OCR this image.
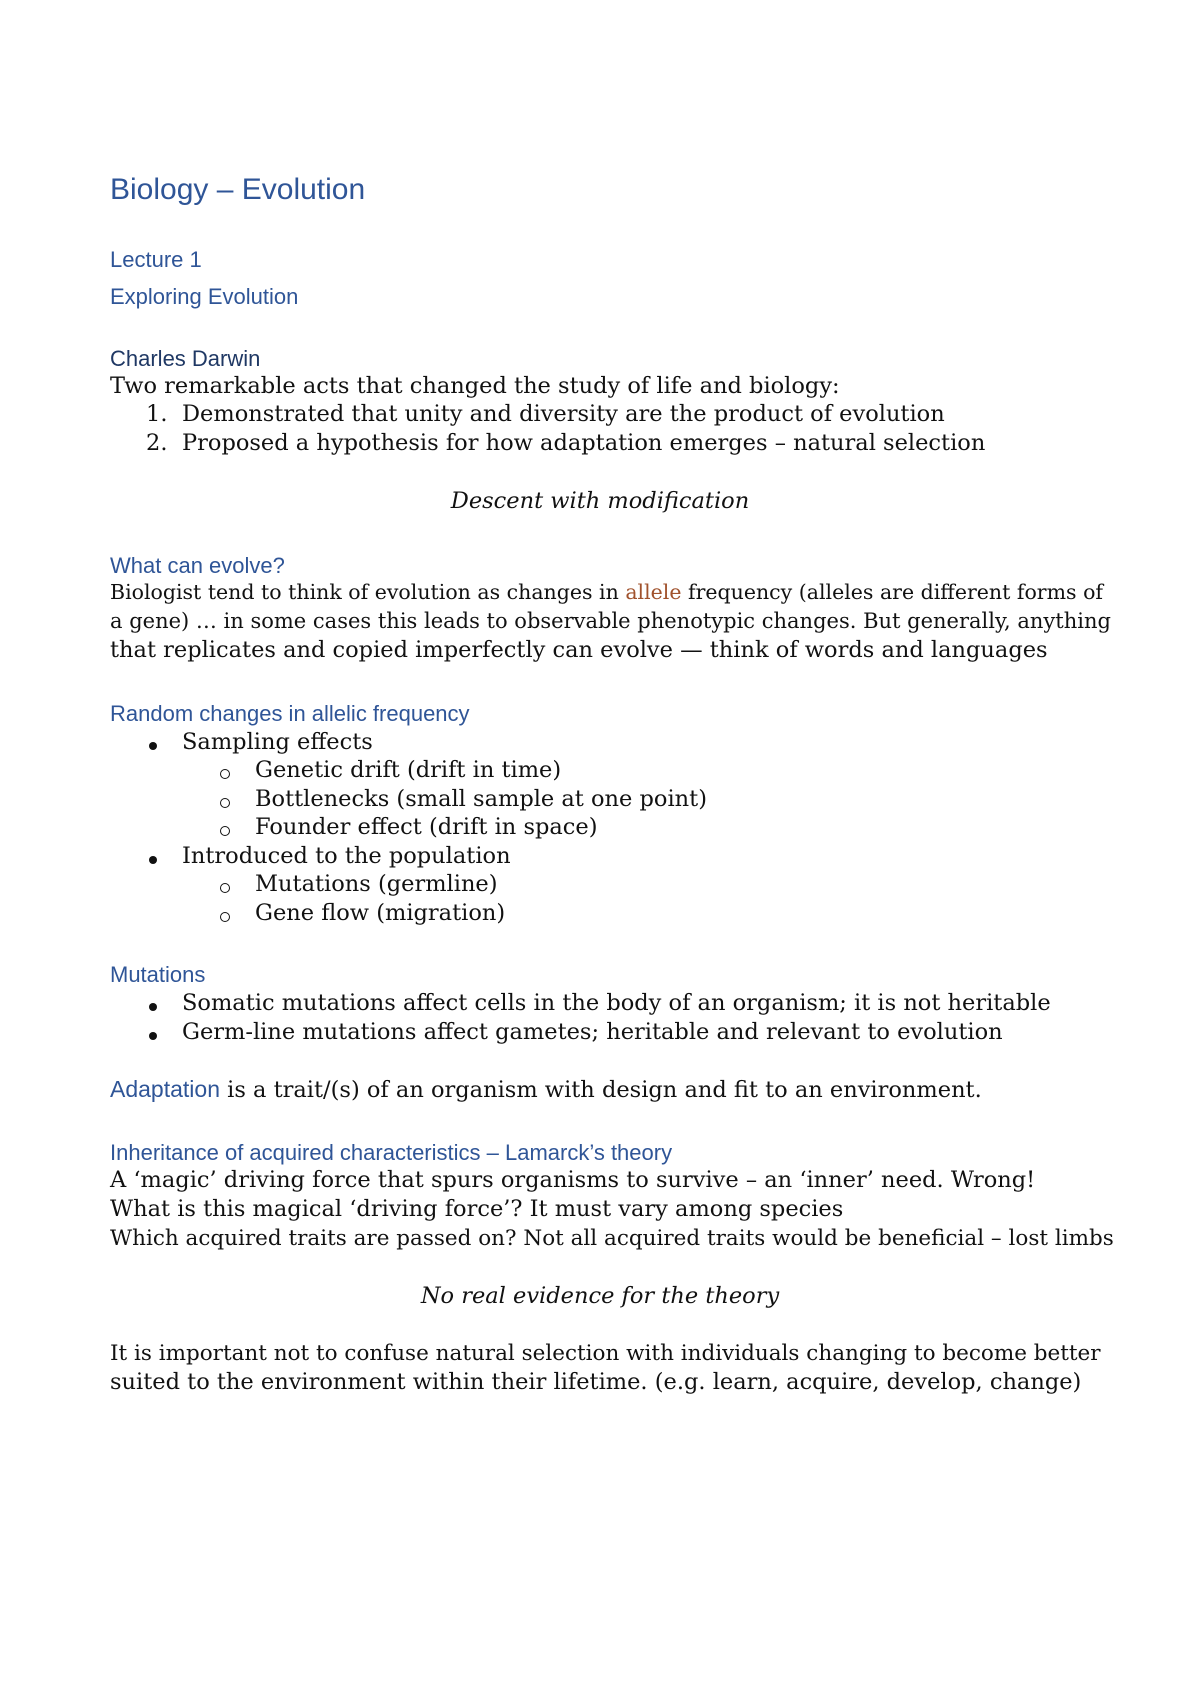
Biology – Evolution
Lecture 1
Exploring Evolution
Charles Darwin
Two remarkable acts that changed the study of life and biology:
1. Demonstrated that unity and diversity are the product of evolution
2. Proposed a hypothesis for how adaptation emerges – natural selection
Descent with modification
What can evolve?
Biologist tend to think of evolution as changes in allele frequency (alleles are different forms of
a gene) … in some cases this leads to observable phenotypic changes. But generally, anything
that replicates and copied imperfectly can evolve — think of words and languages
Random changes in allelic frequency
Sampling effects
Genetic drift (drift in time)
Bottlenecks (small sample at one point)
Founder effect (drift in space)
Introduced to the population
Mutations (germline)
Gene flow (migration)
Mutations
Somatic mutations affect cells in the body of an organism; it is not heritable
Germ-line mutations affect gametes; heritable and relevant to evolution
Adaptation is a trait/(s) of an organism with design and fit to an environment.
Inheritance of acquired characteristics – Lamarck’s theory
A ‘magic’ driving force that spurs organisms to survive – an ‘inner’ need. Wrong!
What is this magical ‘driving force’? It must vary among species
Which acquired traits are passed on? Not all acquired traits would be beneficial – lost limbs
No real evidence for the theory
It is important not to confuse natural selection with individuals changing to become better
suited to the environment within their lifetime. (e.g. learn, acquire, develop, change)
